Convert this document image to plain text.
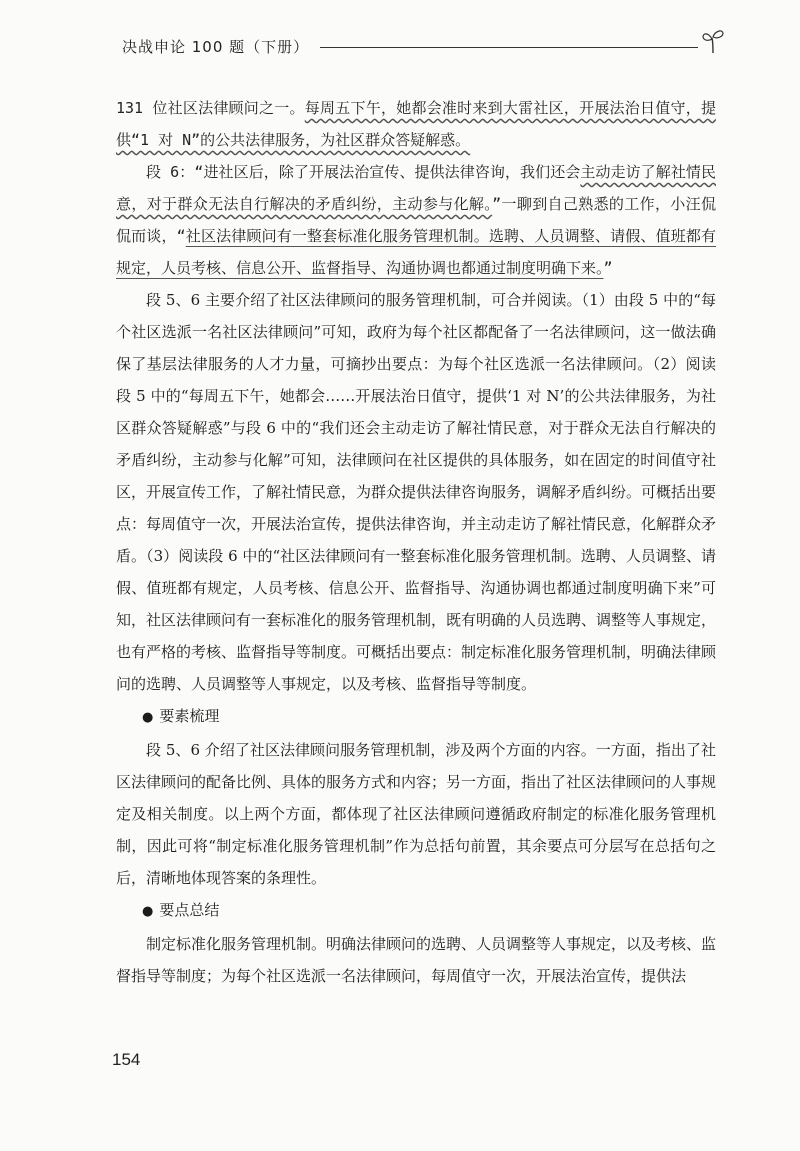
决战申论 100 题（下册）

131 位社区法律顾问之一。每周五下午，她都会准时来到大雷社区，开展法治日值守，提供“1 对 N”的公共法律服务，为社区群众答疑解惑。

段 6：“进社区后，除了开展法治宣传、提供法律咨询，我们还会主动走访了解社情民意，对于群众无法自行解决的矛盾纠纷，主动参与化解。”一聊到自己熟悉的工作，小汪侃侃而谈，“社区法律顾问有一整套标准化服务管理机制。选聘、人员调整、请假、值班都有规定，人员考核、信息公开、监督指导、沟通协调也都通过制度明确下来。”

段 5、6 主要介绍了社区法律顾问的服务管理机制，可合并阅读。（1）由段 5 中的“每个社区选派一名社区法律顾问”可知，政府为每个社区都配备了一名法律顾问，这一做法确保了基层法律服务的人才力量，可摘抄出要点：为每个社区选派一名法律顾问。（2）阅读段 5 中的“每周五下午，她都会……开展法治日值守，提供‘1 对 N’的公共法律服务，为社区群众答疑解惑”与段 6 中的“我们还会主动走访了解社情民意，对于群众无法自行解决的矛盾纠纷，主动参与化解”可知，法律顾问在社区提供的具体服务，如在固定的时间值守社区，开展宣传工作，了解社情民意，为群众提供法律咨询服务，调解矛盾纠纷。可概括出要点：每周值守一次，开展法治宣传，提供法律咨询，并主动走访了解社情民意，化解群众矛盾。（3）阅读段 6 中的“社区法律顾问有一整套标准化服务管理机制。选聘、人员调整、请假、值班都有规定，人员考核、信息公开、监督指导、沟通协调也都通过制度明确下来”可知，社区法律顾问有一套标准化的服务管理机制，既有明确的人员选聘、调整等人事规定，也有严格的考核、监督指导等制度。可概括出要点：制定标准化服务管理机制，明确法律顾问的选聘、人员调整等人事规定，以及考核、监督指导等制度。

● 要素梳理

段 5、6 介绍了社区法律顾问服务管理机制，涉及两个方面的内容。一方面，指出了社区法律顾问的配备比例、具体的服务方式和内容；另一方面，指出了社区法律顾问的人事规定及相关制度。以上两个方面，都体现了社区法律顾问遵循政府制定的标准化服务管理机制，因此可将“制定标准化服务管理机制”作为总括句前置，其余要点可分层写在总括句之后，清晰地体现答案的条理性。

● 要点总结

制定标准化服务管理机制。明确法律顾问的选聘、人员调整等人事规定，以及考核、监督指导等制度；为每个社区选派一名法律顾问，每周值守一次，开展法治宣传，提供法

154
